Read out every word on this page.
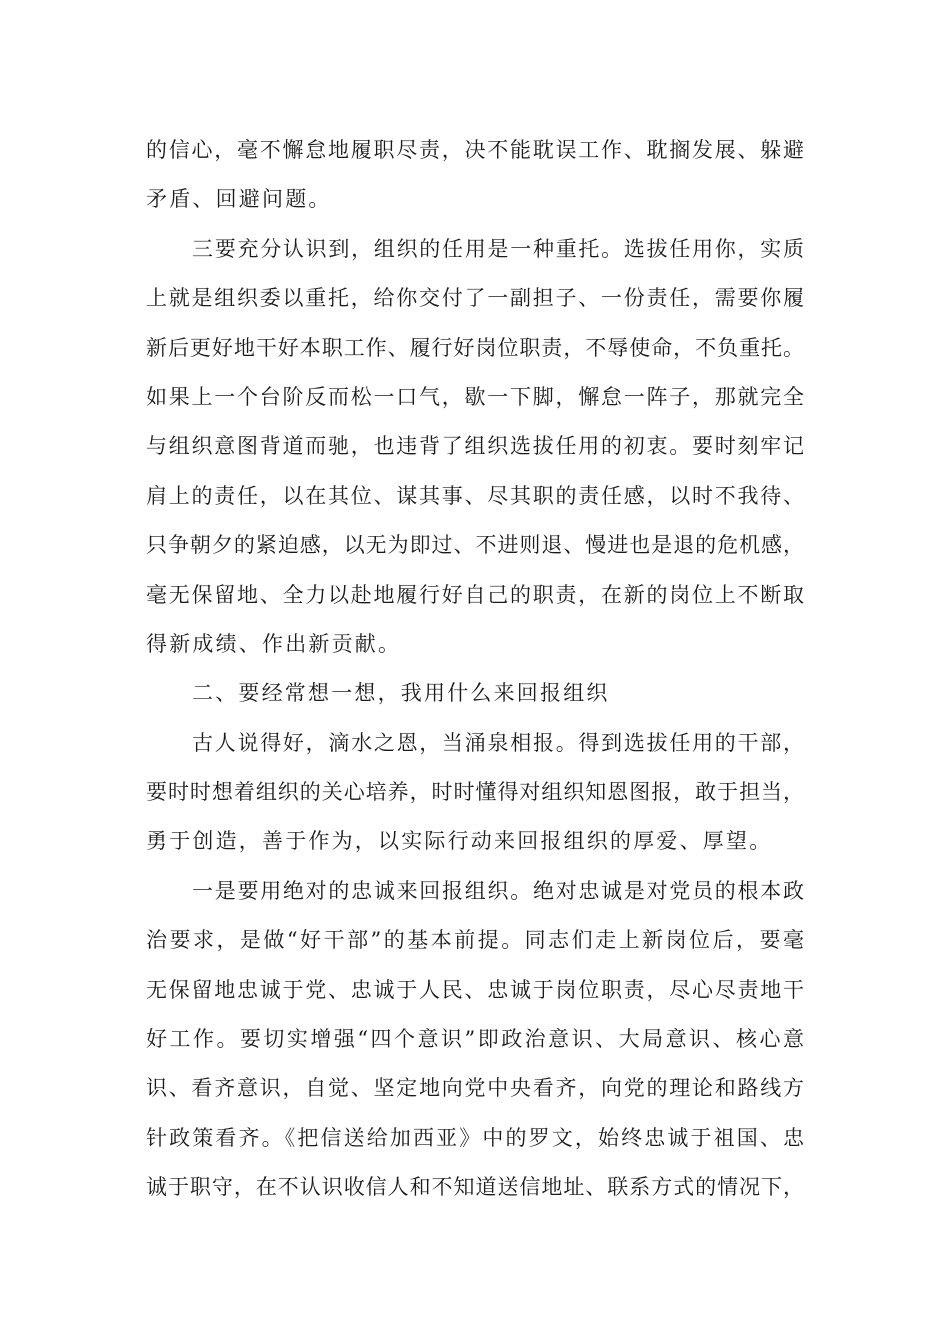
的信心，毫不懈怠地履职尽责，决不能耽误工作、耽搁发展、躲避
矛盾、回避问题。
三要充分认识到，组织的任用是一种重托。选拔任用你，实质
上就是组织委以重托，给你交付了一副担子、一份责任，需要你履
新后更好地干好本职工作、履行好岗位职责，不辱使命，不负重托。
如果上一个台阶反而松一口气，歇一下脚，懈怠一阵子，那就完全
与组织意图背道而驰，也违背了组织选拔任用的初衷。要时刻牢记
肩上的责任，以在其位、谋其事、尽其职的责任感，以时不我待、
只争朝夕的紧迫感，以无为即过、不进则退、慢进也是退的危机感，
毫无保留地、全力以赴地履行好自己的职责，在新的岗位上不断取
得新成绩、作出新贡献。
二、要经常想一想，我用什么来回报组织
古人说得好，滴水之恩，当涌泉相报。得到选拔任用的干部，
要时时想着组织的关心培养，时时懂得对组织知恩图报，敢于担当，
勇于创造，善于作为，以实际行动来回报组织的厚爱、厚望。
一是要用绝对的忠诚来回报组织。绝对忠诚是对党员的根本政
治要求，是做“好干部”的基本前提。同志们走上新岗位后，要毫
无保留地忠诚于党、忠诚于人民、忠诚于岗位职责，尽心尽责地干
好工作。要切实增强“四个意识”即政治意识、大局意识、核心意
识、看齐意识，自觉、坚定地向党中央看齐，向党的理论和路线方
针政策看齐。《把信送给加西亚》中的罗文，始终忠诚于祖国、忠
诚于职守，在不认识收信人和不知道送信地址、联系方式的情况下，
